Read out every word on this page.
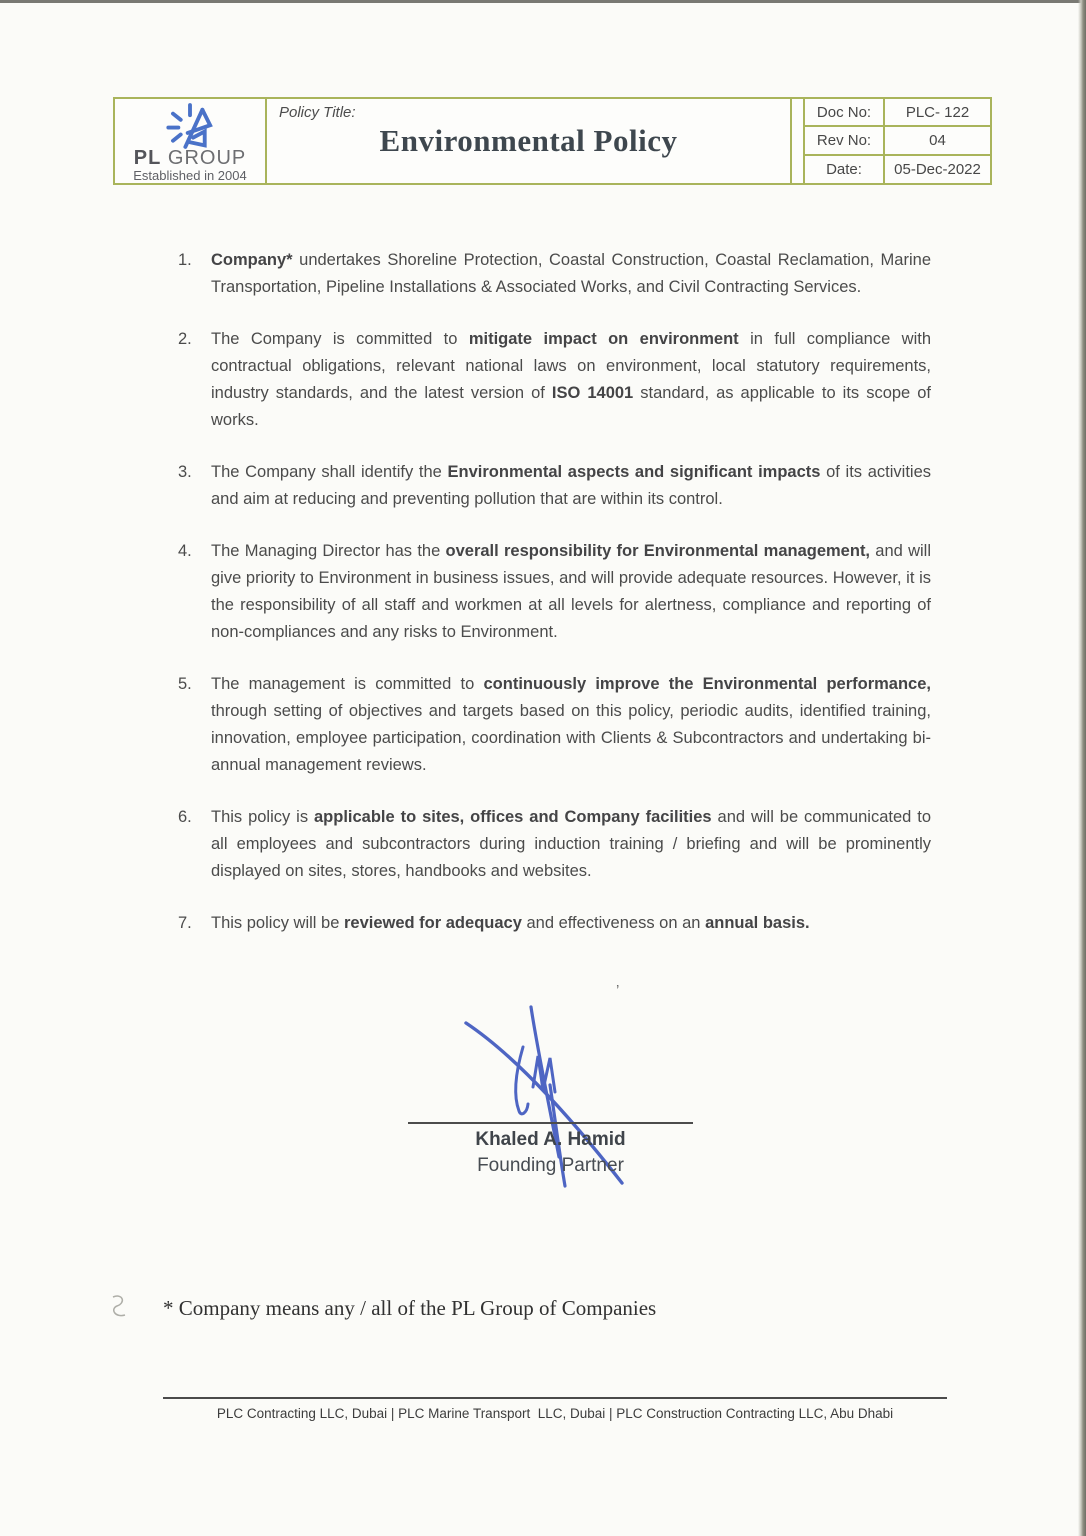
’
PL GROUP
Established in 2004
Policy Title:
Environmental Policy
Doc No:	PLC- 122
Rev No:	04
Date:	05-Dec-2022
1.	Company* undertakes Shoreline Protection, Coastal Construction, Coastal Reclamation, Marine Transportation, Pipeline Installations & Associated Works, and Civil Contracting Services.
2.	The Company is committed to mitigate impact on environment in full compliance with contractual obligations, relevant national laws on environment, local statutory requirements, industry standards, and the latest version of ISO 14001 standard, as applicable to its scope of works.
3.	The Company shall identify the Environmental aspects and significant impacts of its activities and aim at reducing and preventing pollution that are within its control.
4.	The Managing Director has the overall responsibility for Environmental management, and will give priority to Environment in business issues, and will provide adequate resources. However, it is the responsibility of all staff and workmen at all levels for alertness, compliance and reporting of non-compliances and any risks to Environment.
5.	The management is committed to continuously improve the Environmental performance, through setting of objectives and targets based on this policy, periodic audits, identified training, innovation, employee participation, coordination with Clients & Subcontractors and undertaking bi-annual management reviews.
6.	This policy is applicable to sites, offices and Company facilities and will be communicated to all employees and subcontractors during induction training / briefing and will be prominently displayed on sites, stores, handbooks and websites.
7.	This policy will be reviewed for adequacy and effectiveness on an annual basis.
Khaled A. Hamid
Founding Partner
* Company means any / all of the PL Group of Companies
PLC Contracting LLC, Dubai | PLC Marine Transport  LLC, Dubai | PLC Construction Contracting LLC, Abu Dhabi
